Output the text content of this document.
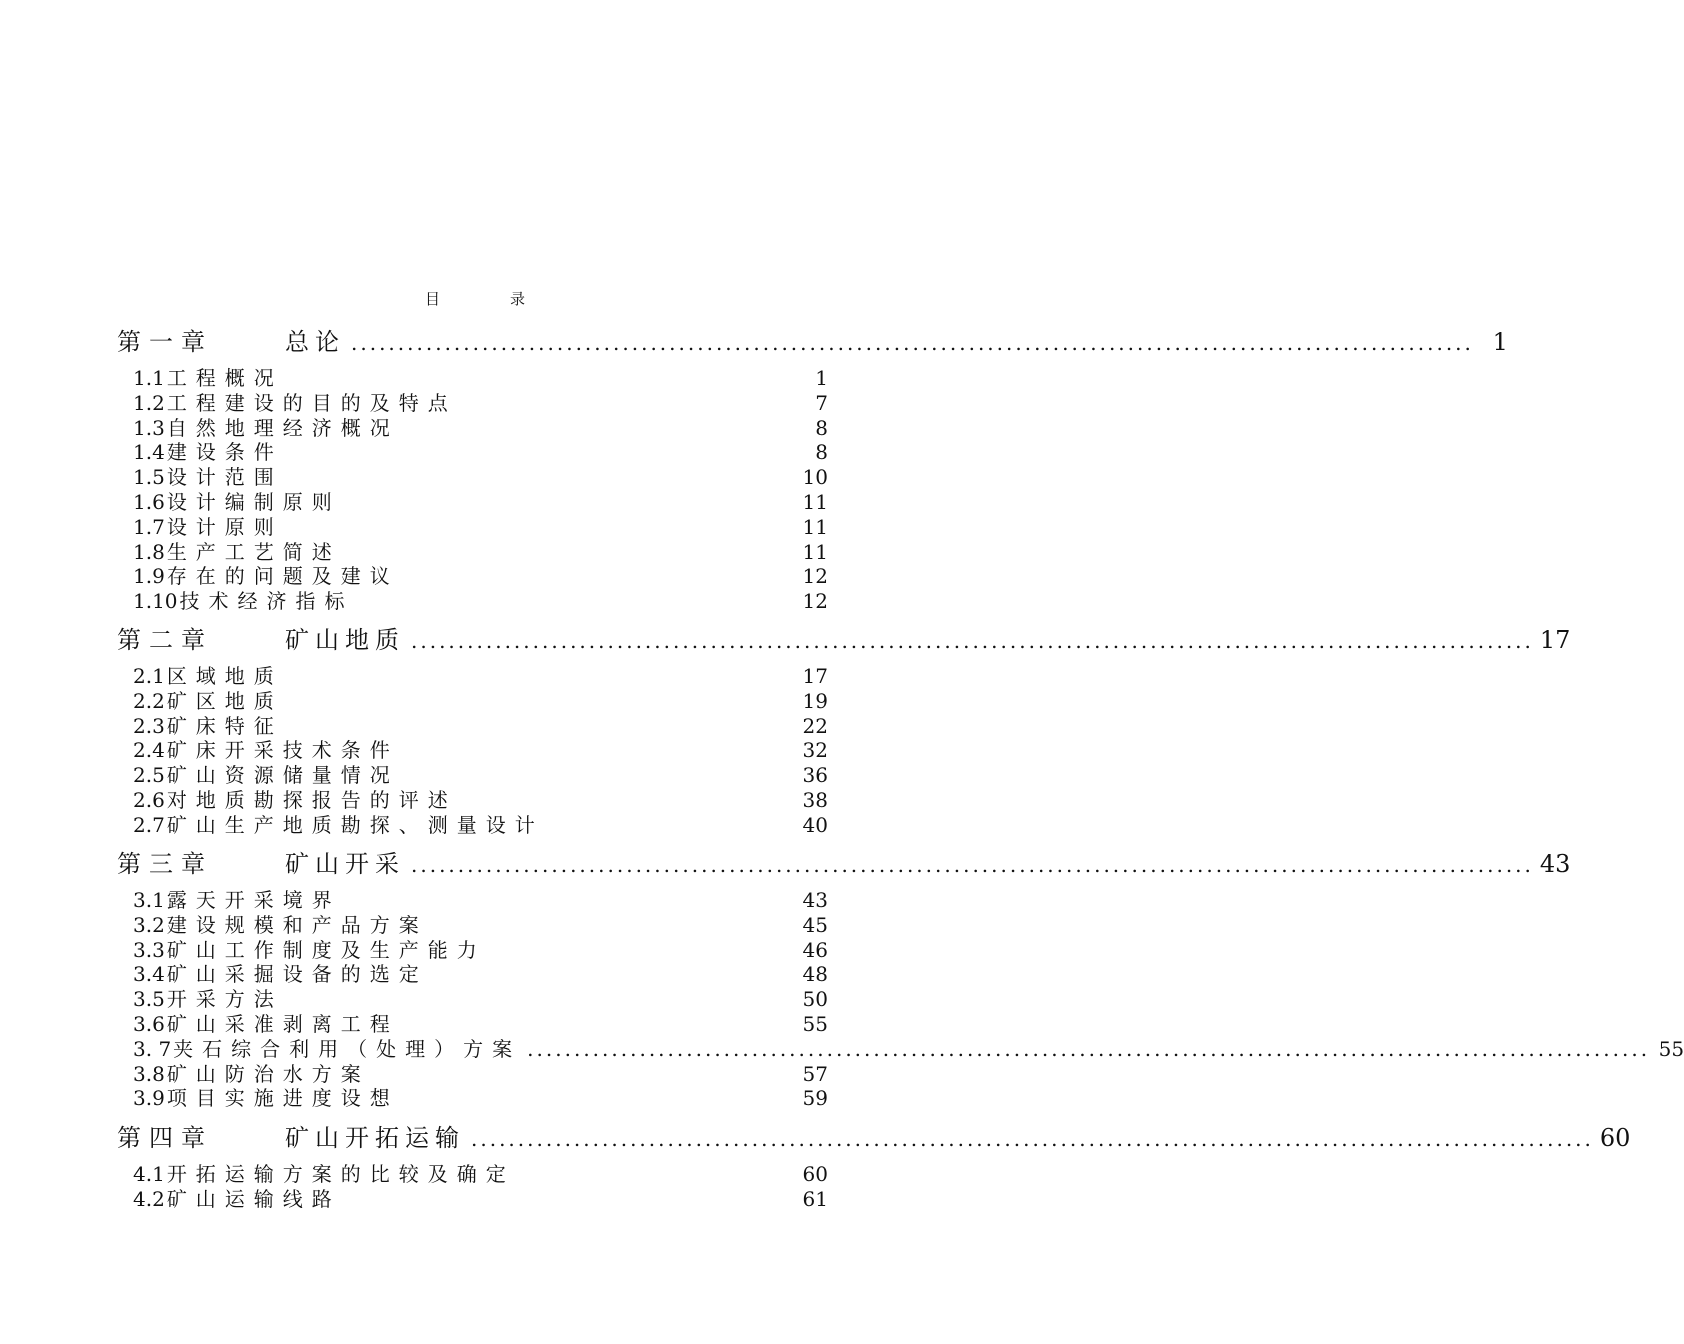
目录
第一章	总论 ........................................................................................................................ 1
1.1 工程概况	1
1.2 工程建设的目的及特点	7
1.3 自然地理经济概况	8
1.4 建设条件	8
1.5 设计范围	10
1.6 设计编制原则	11
1.7 设计原则	11
1.8 生产工艺简述	11
1.9 存在的问题及建议	12
1.10 技术经济指标	12
第二章	矿山地质 ........................................................................................................................ 17
2.1 区域地质	17
2.2 矿区地质	19
2.3 矿床特征	22
2.4 矿床开采技术条件	32
2.5 矿山资源储量情况	36
2.6 对地质勘探报告的评述	38
2.7 矿山生产地质勘探、测量设计	40
第三章	矿山开采 ........................................................................................................................ 43
3.1 露天开采境界	43
3.2 建设规模和产品方案	45
3.3 矿山工作制度及生产能力	46
3.4 矿山采掘设备的选定	48
3.5 开采方法	50
3.6 矿山采准剥离工程	55
3. 7 夹石综合利用（处理）方案 ........................................................................................................................ 55
3.8 矿山防治水方案	57
3.9 项目实施进度设想	59
第四章	矿山开拓运输 ........................................................................................................................ 60
4.1 开拓运输方案的比较及确定	60
4.2 矿山运输线路	61
